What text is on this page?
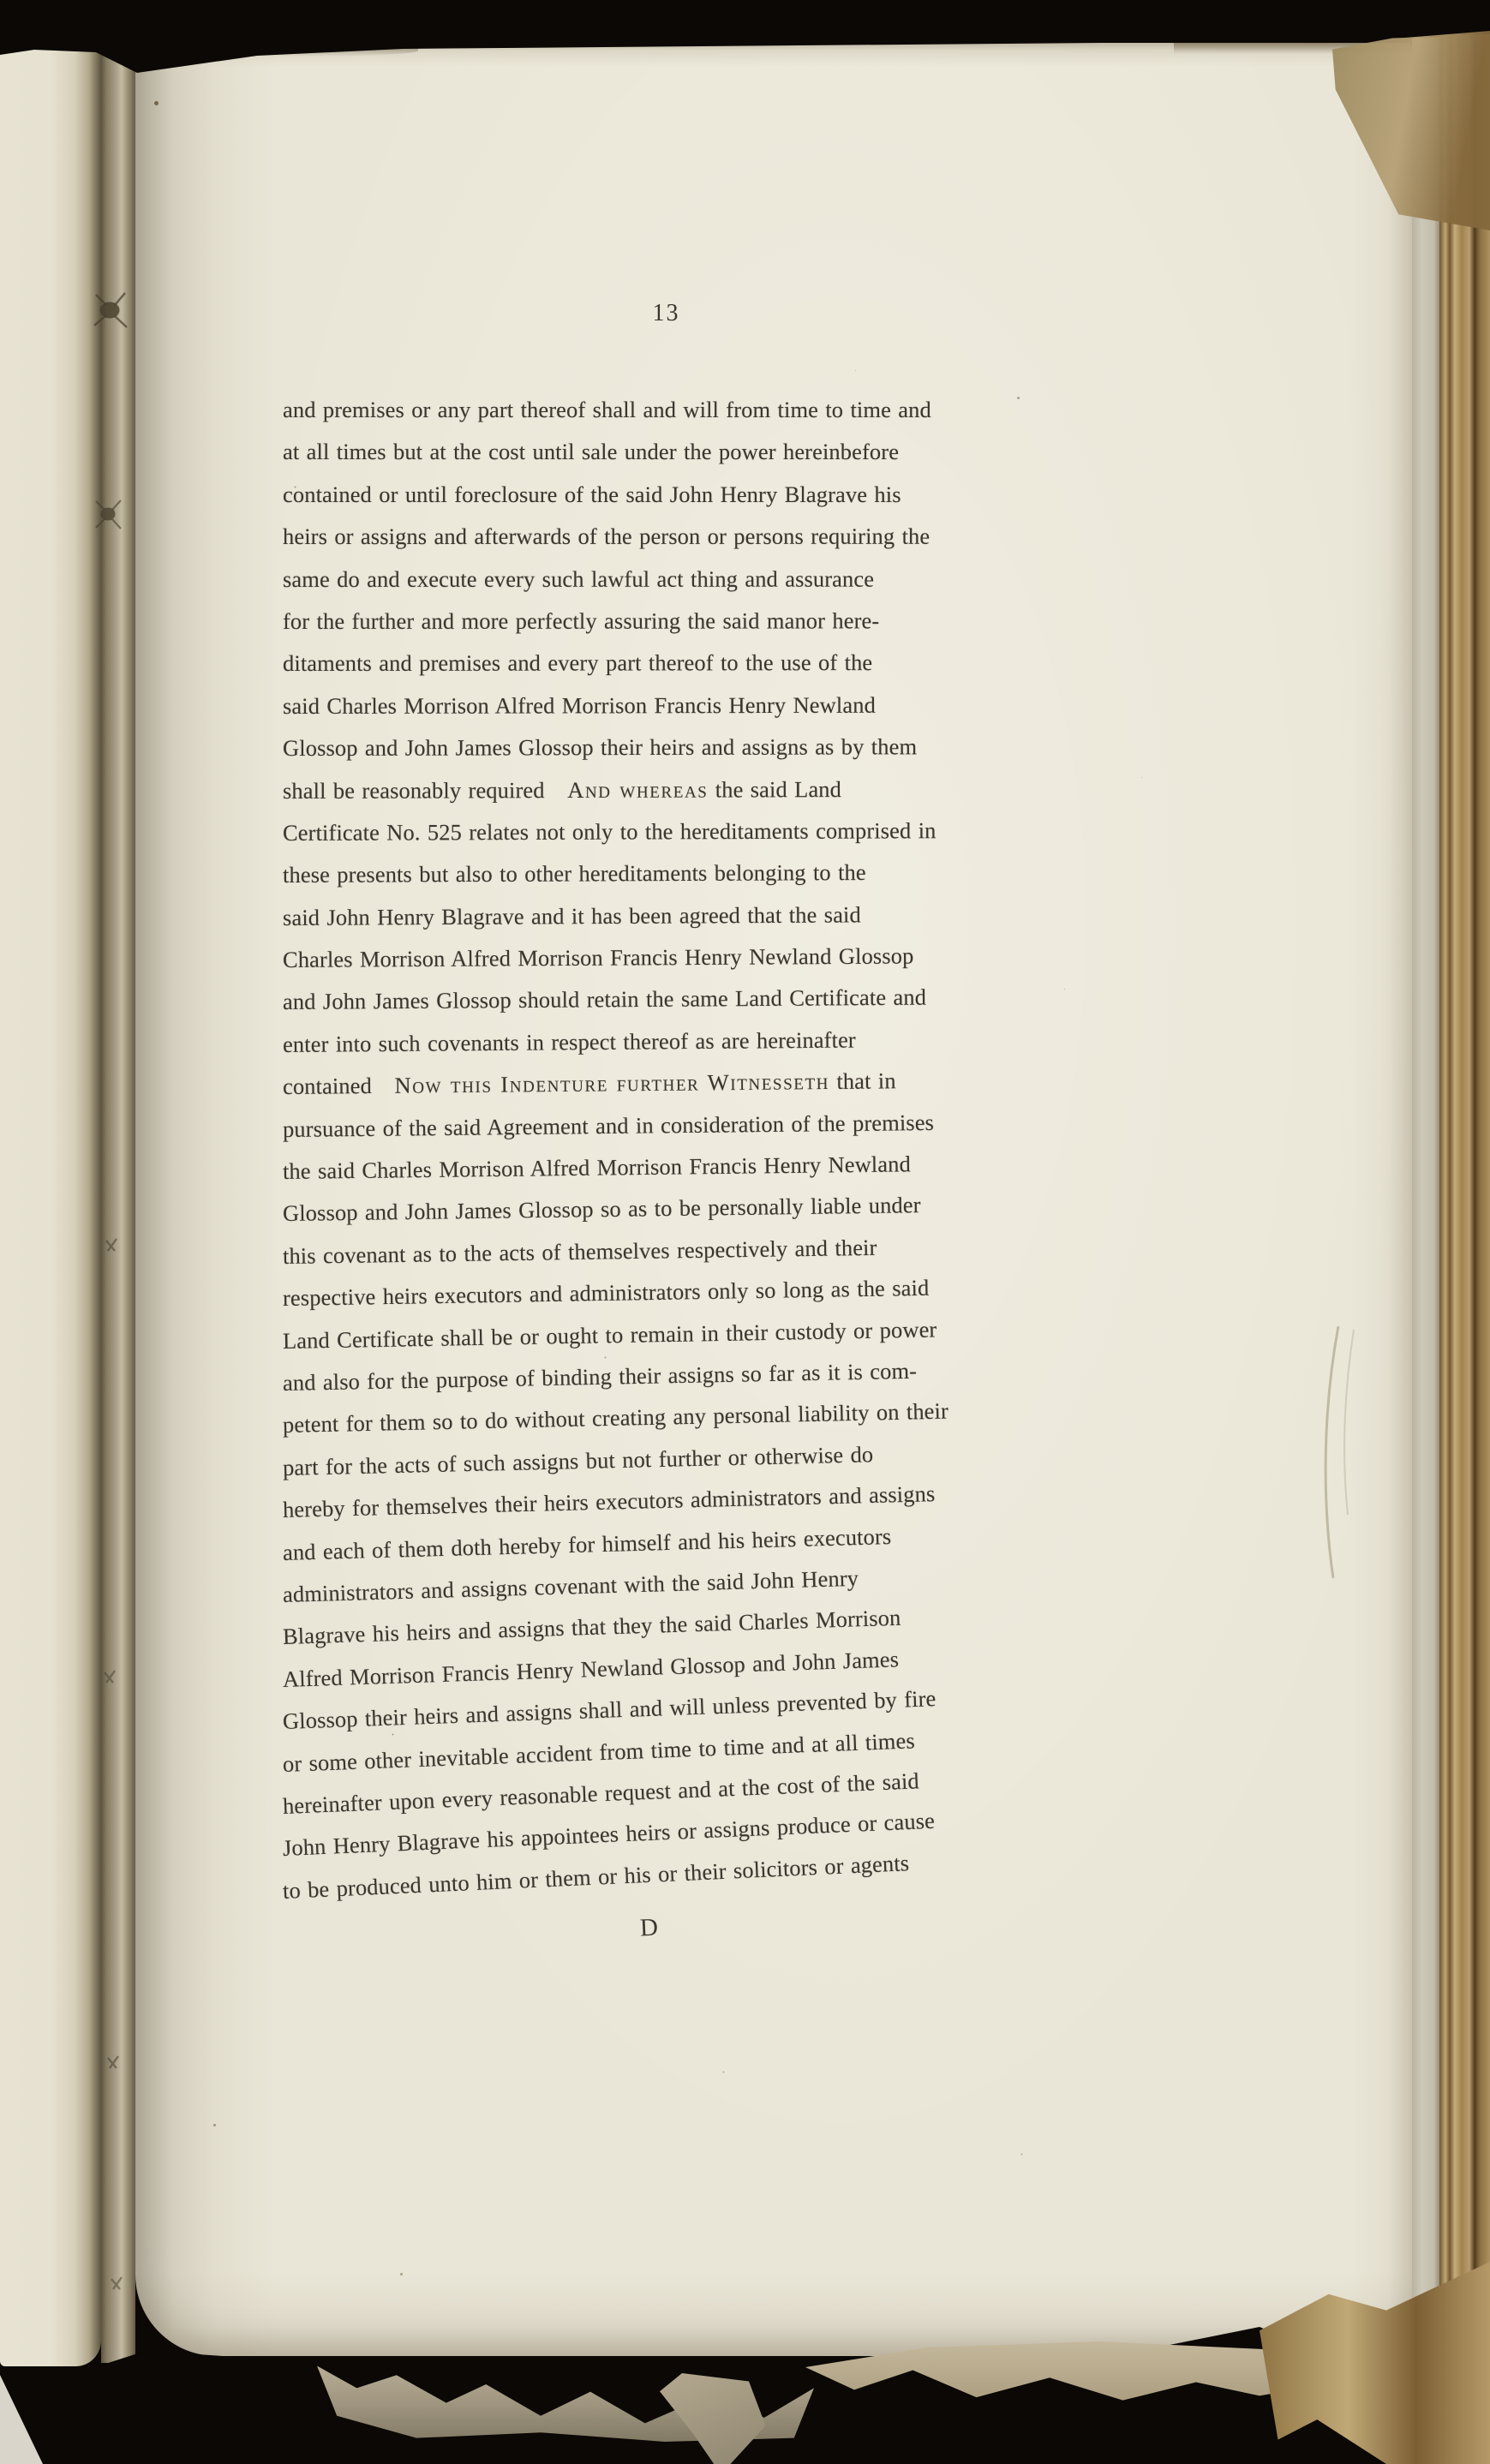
13
and premises or any part thereof shall and will from time to time and
at all times but at the cost until sale under the power hereinbefore
contained or until foreclosure of the said John Henry Blagrave his
heirs or assigns and afterwards of the person or persons requiring the
same do and execute every such lawful act thing and assurance
for the further and more perfectly assuring the said manor here-
ditaments and premises and every part thereof to the use of the
said Charles Morrison Alfred Morrison Francis Henry Newland
Glossop and John James Glossop their heirs and assigns as by them
shall be reasonably required And whereas the said Land
Certificate No. 525 relates not only to the hereditaments comprised in
these presents but also to other hereditaments belonging to the
said John Henry Blagrave and it has been agreed that the said
Charles Morrison Alfred Morrison Francis Henry Newland Glossop
and John James Glossop should retain the same Land Certificate and
enter into such covenants in respect thereof as are hereinafter
contained Now this Indenture further Witnesseth that in
pursuance of the said Agreement and in consideration of the premises
the said Charles Morrison Alfred Morrison Francis Henry Newland
Glossop and John James Glossop so as to be personally liable under
this covenant as to the acts of themselves respectively and their
respective heirs executors and administrators only so long as the said
Land Certificate shall be or ought to remain in their custody or power
and also for the purpose of binding their assigns so far as it is com-
petent for them so to do without creating any personal liability on their
part for the acts of such assigns but not further or otherwise do
hereby for themselves their heirs executors administrators and assigns
and each of them doth hereby for himself and his heirs executors
administrators and assigns covenant with the said John Henry
Blagrave his heirs and assigns that they the said Charles Morrison
Alfred Morrison Francis Henry Newland Glossop and John James
Glossop their heirs and assigns shall and will unless prevented by fire
or some other inevitable accident from time to time and at all times
hereinafter upon every reasonable request and at the cost of the said
John Henry Blagrave his appointees heirs or assigns produce or cause
to be produced unto him or them or his or their solicitors or agents
D
